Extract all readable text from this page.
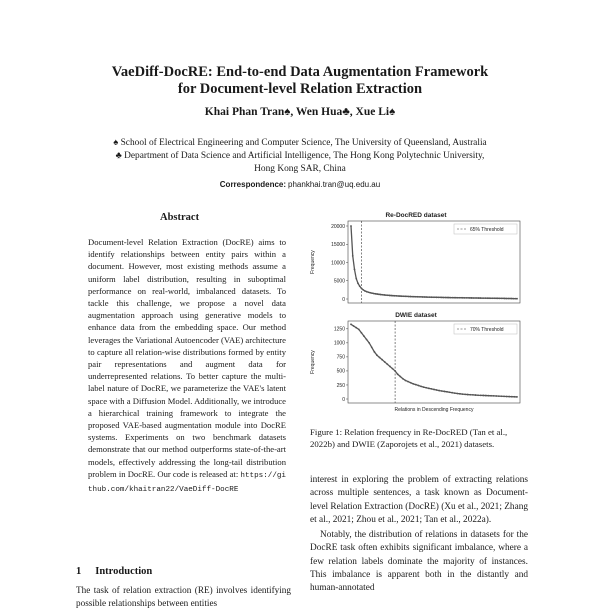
VaeDiff-DocRE: End-to-end Data Augmentation Framework
for Document-level Relation Extraction
Khai Phan Tran♠, Wen Hua♣, Xue Li♠
♠ School of Electrical Engineering and Computer Science, The University of Queensland, Australia
♣ Department of Data Science and Artificial Intelligence, The Hong Kong Polytechnic University,
Hong Kong SAR, China
Correspondence: phankhai.tran@uq.edu.au
Abstract
Document-level Relation Extraction (DocRE) aims to identify relationships between entity pairs within a document. However, most existing methods assume a uniform label distribution, resulting in suboptimal performance on real-world, imbalanced datasets. To tackle this challenge, we propose a novel data augmentation approach using generative models to enhance data from the embedding space. Our method leverages the Variational Autoencoder (VAE) architecture to capture all relation-wise distributions formed by entity pair representations and augment data for underrepresented relations. To better capture the multi-label nature of DocRE, we parameterize the VAE's latent space with a Diffusion Model. Additionally, we introduce a hierarchical training framework to integrate the proposed VAE-based augmentation module into DocRE systems. Experiments on two benchmark datasets demonstrate that our method outperforms state-of-the-art models, effectively addressing the long-tail distribution problem in DocRE. Our code is released at: https://github.com/khaitran22/VaeDiff-DocRE
1 Introduction
The task of relation extraction (RE) involves identifying possible relationships between entities
Re-DocRED dataset
Frequency
0
5000
10000
15000
20000
65% Threshold
DWIE dataset
Frequency
0
250
500
750
1000
1250	70% Threshold
Relations in Descending Frequency
Figure 1: Relation frequency in Re-DocRED (Tan et al., 2022b) and DWIE (Zaporojets et al., 2021) datasets.

interest in exploring the problem of extracting relations across multiple sentences, a task known as Document-level Relation Extraction (DocRE) (Xu et al., 2021; Zhang et al., 2021; Zhou et al., 2021; Tan et al., 2022a).

Notably, the distribution of relations in datasets for the DocRE task often exhibits significant imbalance, where a few relation labels dominate the majority of instances. This imbalance is apparent both in the distantly and human-annotated
